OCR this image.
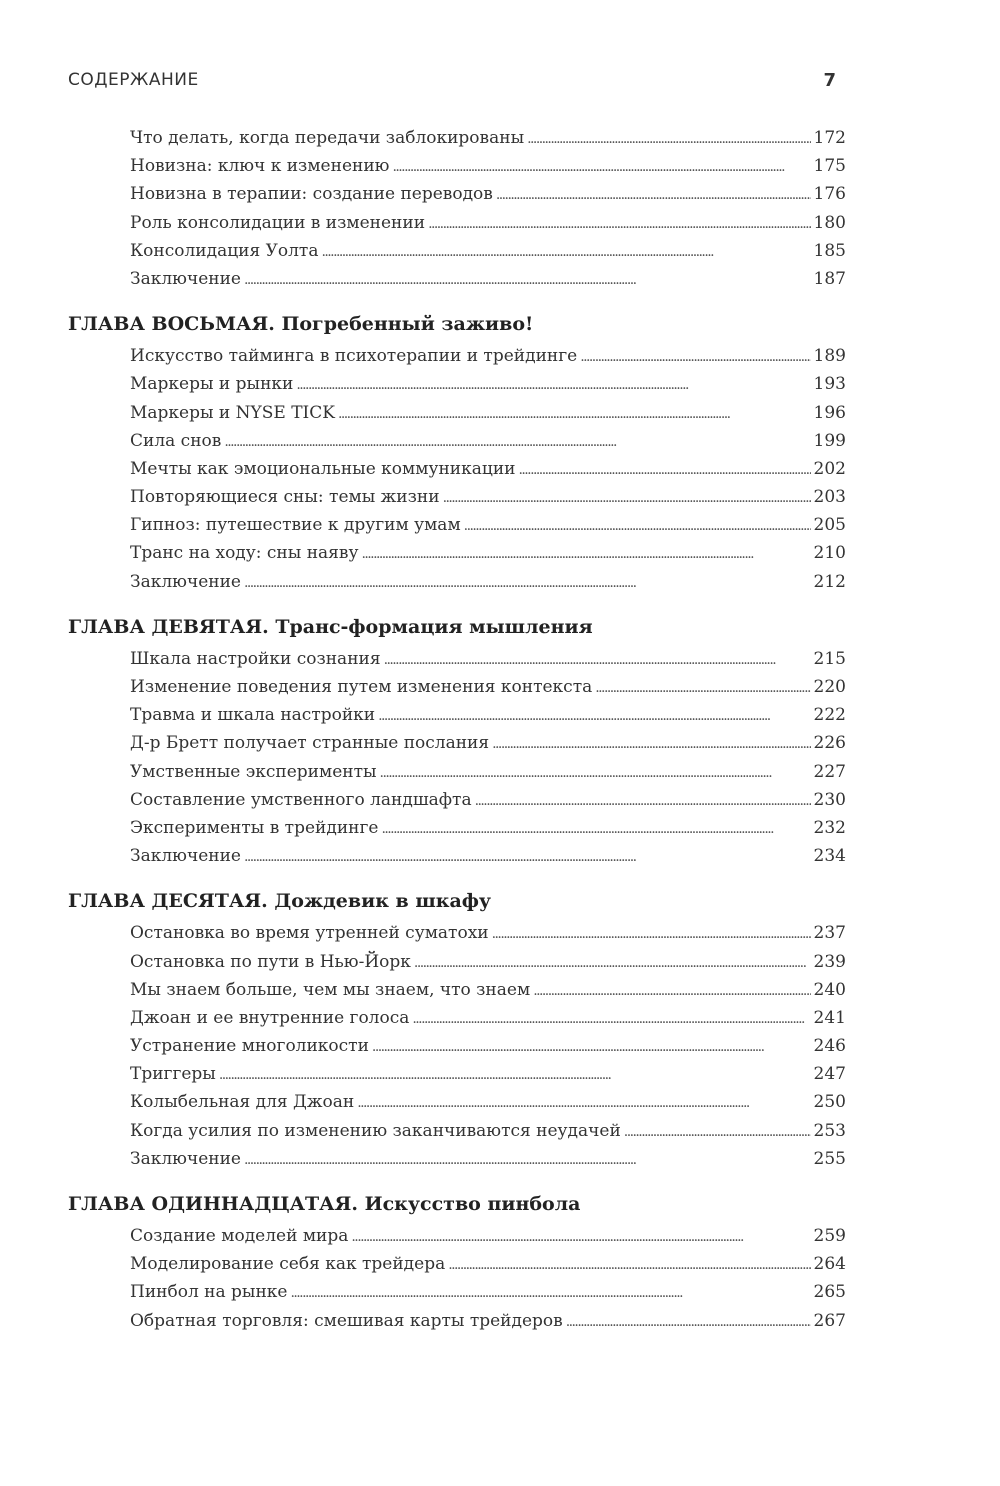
СОДЕРЖАНИЕ	7
Что делать, когда передачи заблокированы . . .	172
Новизна: ключ к изменению . . .	175
Новизна в терапии: создание переводов . . .	176
Роль консолидации в изменении . . .	180
Консолидация Уолта . . .	185
Заключение . . .	187
ГЛАВА ВОСЬМАЯ. Погребенный заживо!
Искусство тайминга в психотерапии и трейдинге . . .	189
Маркеры и рынки . . .	193
Маркеры и NYSE TICK . . .	196
Сила снов . . .	199
Мечты как эмоциональные коммуникации . . .	202
Повторяющиеся сны: темы жизни . . .	203
Гипноз: путешествие к другим умам . . .	205
Транс на ходу: сны наяву . . .	210
Заключение . . .	212
ГЛАВА ДЕВЯТАЯ. Транс-формация мышления
Шкала настройки сознания . . .	215
Изменение поведения путем изменения контекста . . .	220
Травма и шкала настройки . . .	222
Д-р Бретт получает странные послания . . .	226
Умственные эксперименты . . .	227
Составление умственного ландшафта . . .	230
Эксперименты в трейдинге . . .	232
Заключение . . .	234
ГЛАВА ДЕСЯТАЯ. Дождевик в шкафу
Остановка во время утренней суматохи . . .	237
Остановка по пути в Нью-Йорк . . .	239
Мы знаем больше, чем мы знаем, что знаем . . .	240
Джоан и ее внутренние голоса . . .	241
Устранение многоликости . . .	246
Триггеры . . .	247
Колыбельная для Джоан . . .	250
Когда усилия по изменению заканчиваются неудачей . . .	253
Заключение . . .	255
ГЛАВА ОДИННАДЦАТАЯ. Искусство пинбола
Создание моделей мира . . .	259
Моделирование себя как трейдера . . .	264
Пинбол на рынке . . .	265
Обратная торговля: смешивая карты трейдеров . . .	267
